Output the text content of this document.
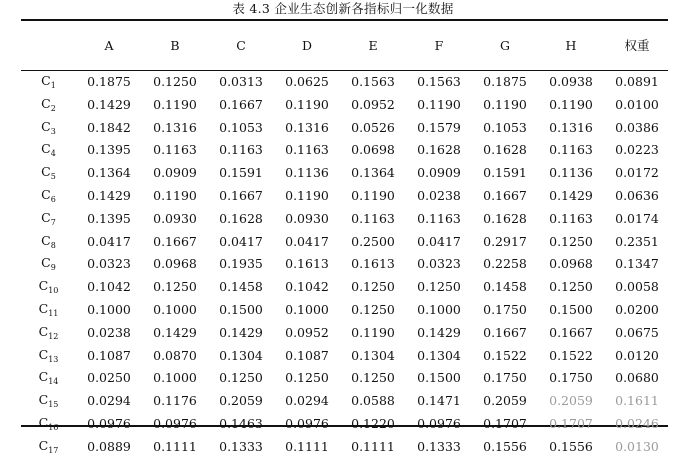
表 4.3 企业生态创新各指标归一化数据
	A	B	C	D	E	F	G	H	权重
$C_1$	0.1875	0.1250	0.0313	0.0625	0.1563	0.1563	0.1875	0.0938	0.0891
$C_2$	0.1429	0.1190	0.1667	0.1190	0.0952	0.1190	0.1190	0.1190	0.0100
$C_3$	0.1842	0.1316	0.1053	0.1316	0.0526	0.1579	0.1053	0.1316	0.0386
$C_4$	0.1395	0.1163	0.1163	0.1163	0.0698	0.1628	0.1628	0.1163	0.0223
$C_5$	0.1364	0.0909	0.1591	0.1136	0.1364	0.0909	0.1591	0.1136	0.0172
$C_6$	0.1429	0.1190	0.1667	0.1190	0.1190	0.0238	0.1667	0.1429	0.0636
$C_7$	0.1395	0.0930	0.1628	0.0930	0.1163	0.1163	0.1628	0.1163	0.0174
$C_8$	0.0417	0.1667	0.0417	0.0417	0.2500	0.0417	0.2917	0.1250	0.2351
$C_9$	0.0323	0.0968	0.1935	0.1613	0.1613	0.0323	0.2258	0.0968	0.1347
$C_{10}$	0.1042	0.1250	0.1458	0.1042	0.1250	0.1250	0.1458	0.1250	0.0058
$C_{11}$	0.1000	0.1000	0.1500	0.1000	0.1250	0.1000	0.1750	0.1500	0.0200
$C_{12}$	0.0238	0.1429	0.1429	0.0952	0.1190	0.1429	0.1667	0.1667	0.0675
$C_{13}$	0.1087	0.0870	0.1304	0.1087	0.1304	0.1304	0.1522	0.1522	0.0120
$C_{14}$	0.0250	0.1000	0.1250	0.1250	0.1250	0.1500	0.1750	0.1750	0.0680
$C_{15}$	0.0294	0.1176	0.2059	0.0294	0.0588	0.1471	0.2059	0.2059	0.1611
$C_{16}$	0.0976	0.0976	0.1463	0.0976	0.1220	0.0976	0.1707	0.1707	0.0246
$C_{17}$	0.0889	0.1111	0.1333	0.1111	0.1111	0.1333	0.1556	0.1556	0.0130
